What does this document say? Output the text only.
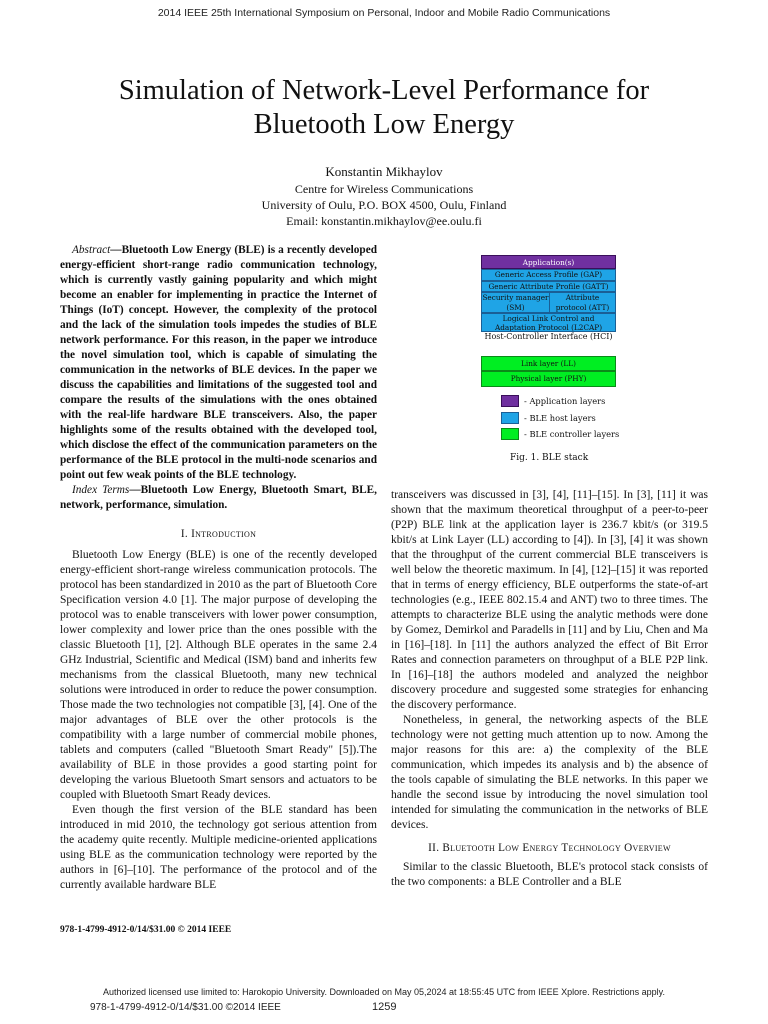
2014 IEEE 25th International Symposium on Personal, Indoor and Mobile Radio Communications
Simulation of Network-Level Performance for
Bluetooth Low Energy
Konstantin Mikhaylov
Centre for Wireless Communications
University of Oulu, P.O. BOX 4500, Oulu, Finland
Email: konstantin.mikhaylov@ee.oulu.fi

Abstract—Bluetooth Low Energy (BLE) is a recently developed energy-efficient short-range radio communication technology, which is currently vastly gaining popularity and which might become an enabler for implementing in practice the Internet of Things (IoT) concept. However, the complexity of the protocol and the lack of the simulation tools impedes the studies of BLE network performance. For this reason, in the paper we introduce the novel simulation tool, which is capable of simulating the communication in the networks of BLE devices. In the paper we discuss the capabilities and limitations of the suggested tool and compare the results of the simulations with the ones obtained with the real-life hardware BLE transceivers. Also, the paper highlights some of the results obtained with the developed tool, which disclose the effect of the communication parameters on the performance of the BLE protocol in the multi-node scenarios and point out few weak points of the BLE technology.

Index Terms—Bluetooth Low Energy, Bluetooth Smart, BLE, network, performance, simulation.

I. Introduction

Bluetooth Low Energy (BLE) is one of the recently developed energy-efficient short-range wireless communication protocols. The protocol has been standardized in 2010 as the part of Bluetooth Core Specification version 4.0 [1]. The major purpose of developing the protocol was to enable transceivers with lower power consumption, lower complexity and lower price than the ones possible with the classic Bluetooth [1], [2]. Although BLE operates in the same 2.4 GHz Industrial, Scientific and Medical (ISM) band and inherits few mechanisms from the classical Bluetooth, many new technical solutions were introduced in order to reduce the power consumption. Those made the two technologies not compatible [3], [4]. One of the major advantages of BLE over the other protocols is the compatibility with a large number of commercial mobile phones, tablets and computers (called "Bluetooth Smart Ready" [5]).The availability of BLE in those provides a good starting point for developing the various Bluetooth Smart sensors and actuators to be coupled with Bluetooth Smart Ready devices.

Even though the first version of the BLE standard has been introduced in mid 2010, the technology got serious attention from the academy quite recently. Multiple medicine-oriented applications using BLE as the communication technology were reported by the authors in [6]–[10]. The performance of the protocol and of the currently available hardware BLE

978-1-4799-4912-0/14/$31.00 © 2014 IEEE
Application(s)
Generic Access Profile (GAP)
Generic Attribute Profile (GATT)
Security manager (SM)
Attribute protocol (ATT)
Logical Link Control and Adaptation Protocol (L2CAP)
Host-Controller Interface (HCI)
Link layer (LL)
Physical layer (PHY)
- Application layers
- BLE host layers
- BLE controller layers
Fig. 1. BLE stack

transceivers was discussed in [3], [4], [11]–[15]. In [3], [11] it was shown that the maximum theoretical throughput of a peer-to-peer (P2P) BLE link at the application layer is 236.7 kbit/s (or 319.5 kbit/s at Link Layer (LL) according to [4]). In [3], [4] it was shown that the throughput of the current commercial BLE transceivers is well below the theoretic maximum. In [4], [12]–[15] it was reported that in terms of energy efficiency, BLE outperforms the state-of-art technologies (e.g., IEEE 802.15.4 and ANT) two to three times. The attempts to characterize BLE using the analytic methods were done by Gomez, Demirkol and Paradells in [11] and by Liu, Chen and Ma in [16]–[18]. In [11] the authors analyzed the effect of Bit Error Rates and connection parameters on throughput of a BLE P2P link. In [16]–[18] the authors modeled and analyzed the neighbor discovery procedure and suggested some strategies for enhancing the discovery performance.

Nonetheless, in general, the networking aspects of the BLE technology were not getting much attention up to now. Among the major reasons for this are: a) the complexity of the BLE communication, which impedes its analysis and b) the absence of the tools capable of simulating the BLE networks. In this paper we handle the second issue by introducing the novel simulation tool intended for simulating the communication in the networks of BLE devices.

II. Bluetooth Low Energy Technology Overview

Similar to the classic Bluetooth, BLE's protocol stack consists of the two components: a BLE Controller and a BLE

Authorized licensed use limited to: Harokopio University. Downloaded on May 05,2024 at 18:55:45 UTC from IEEE Xplore. Restrictions apply.
978-1-4799-4912-0/14/$31.00 ©2014 IEEE	1259
